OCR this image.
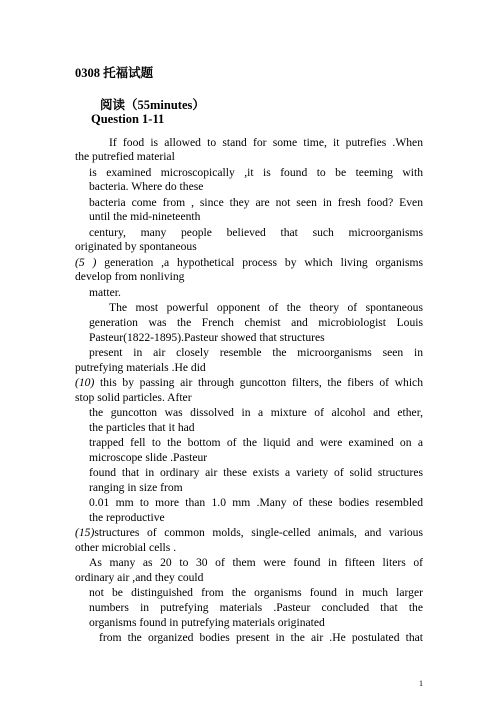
0308 托福试题
阅读（55minutes）
Question 1-11
If food is allowed to stand for some time, it putrefies .When
the putrefied material
is examined microscopically ,it is found to be teeming with
bacteria. Where do these
bacteria come from , since they are not seen in fresh food? Even
until the mid-nineteenth
century, many people believed that such microorganisms
originated by spontaneous
(5 ) generation ,a hypothetical process by which living organisms
develop from nonliving
matter.
The most powerful opponent of the theory of spontaneous
generation was the French chemist and microbiologist Louis
Pasteur(1822-1895).Pasteur showed that structures
present in air closely resemble the microorganisms seen in
putrefying materials .He did
(10) this by passing air through guncotton filters, the fibers of which
stop solid particles. After
the guncotton was dissolved in a mixture of alcohol and ether,
the particles that it had
trapped fell to the bottom of the liquid and were examined on a
microscope slide .Pasteur
found that in ordinary air these exists a variety of solid structures
ranging in size from
0.01 mm to more than 1.0 mm .Many of these bodies resembled
the reproductive
(15)structures of common molds, single-celled animals, and various
other microbial cells .
As many as 20 to 30 of them were found in fifteen liters of
ordinary air ,and they could
not be distinguished from the organisms found in much larger
numbers in putrefying materials .Pasteur concluded that the
organisms found in putrefying materials originated
from the organized bodies present in the air .He postulated that
1
